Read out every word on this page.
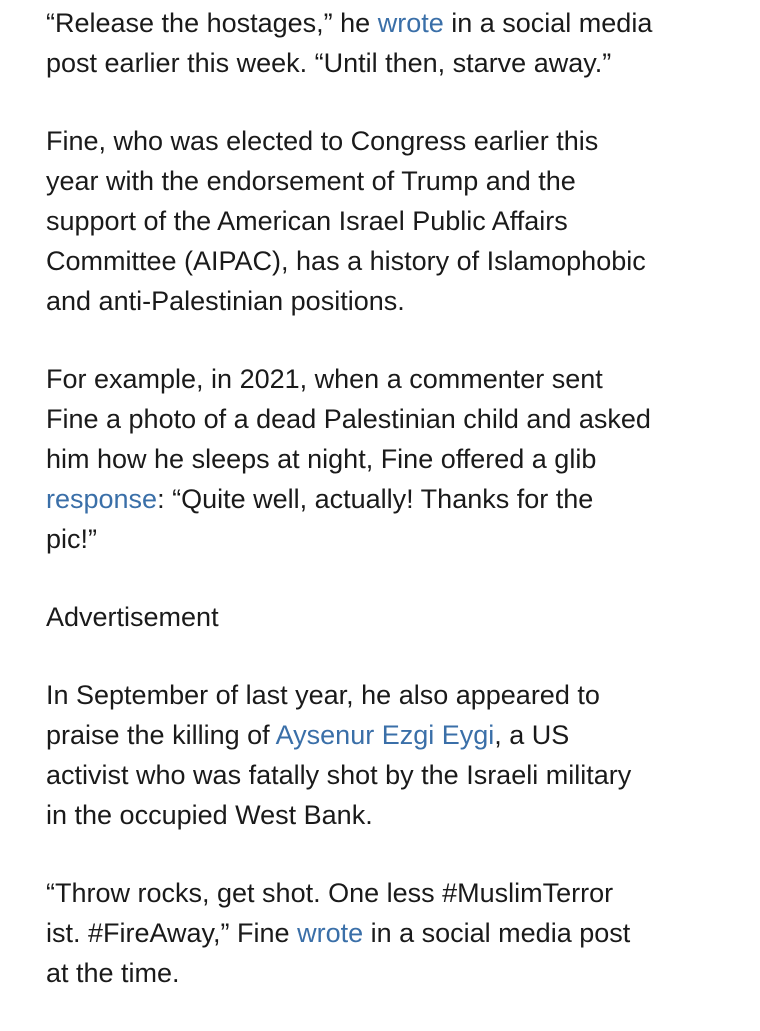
“Release the hostages,” he wrote in a social media
post earlier this week. “Until then, starve away.”
Fine, who was elected to Congress earlier this
year with the endorsement of Trump and the
support of the American Israel Public Affairs
Committee (AIPAC), has a history of Islamophobic
and anti-Palestinian positions.
For example, in 2021, when a commenter sent
Fine a photo of a dead Palestinian child and asked
him how he sleeps at night, Fine offered a glib
response: “Quite well, actually! Thanks for the
pic!”
Advertisement
In September of last year, he also appeared to
praise the killing of Aysenur Ezgi Eygi, a US
activist who was fatally shot by the Israeli military
in the occupied West Bank.
“Throw rocks, get shot. One less #MuslimTerror
ist. #FireAway,” Fine wrote in a social media post
at the time.
